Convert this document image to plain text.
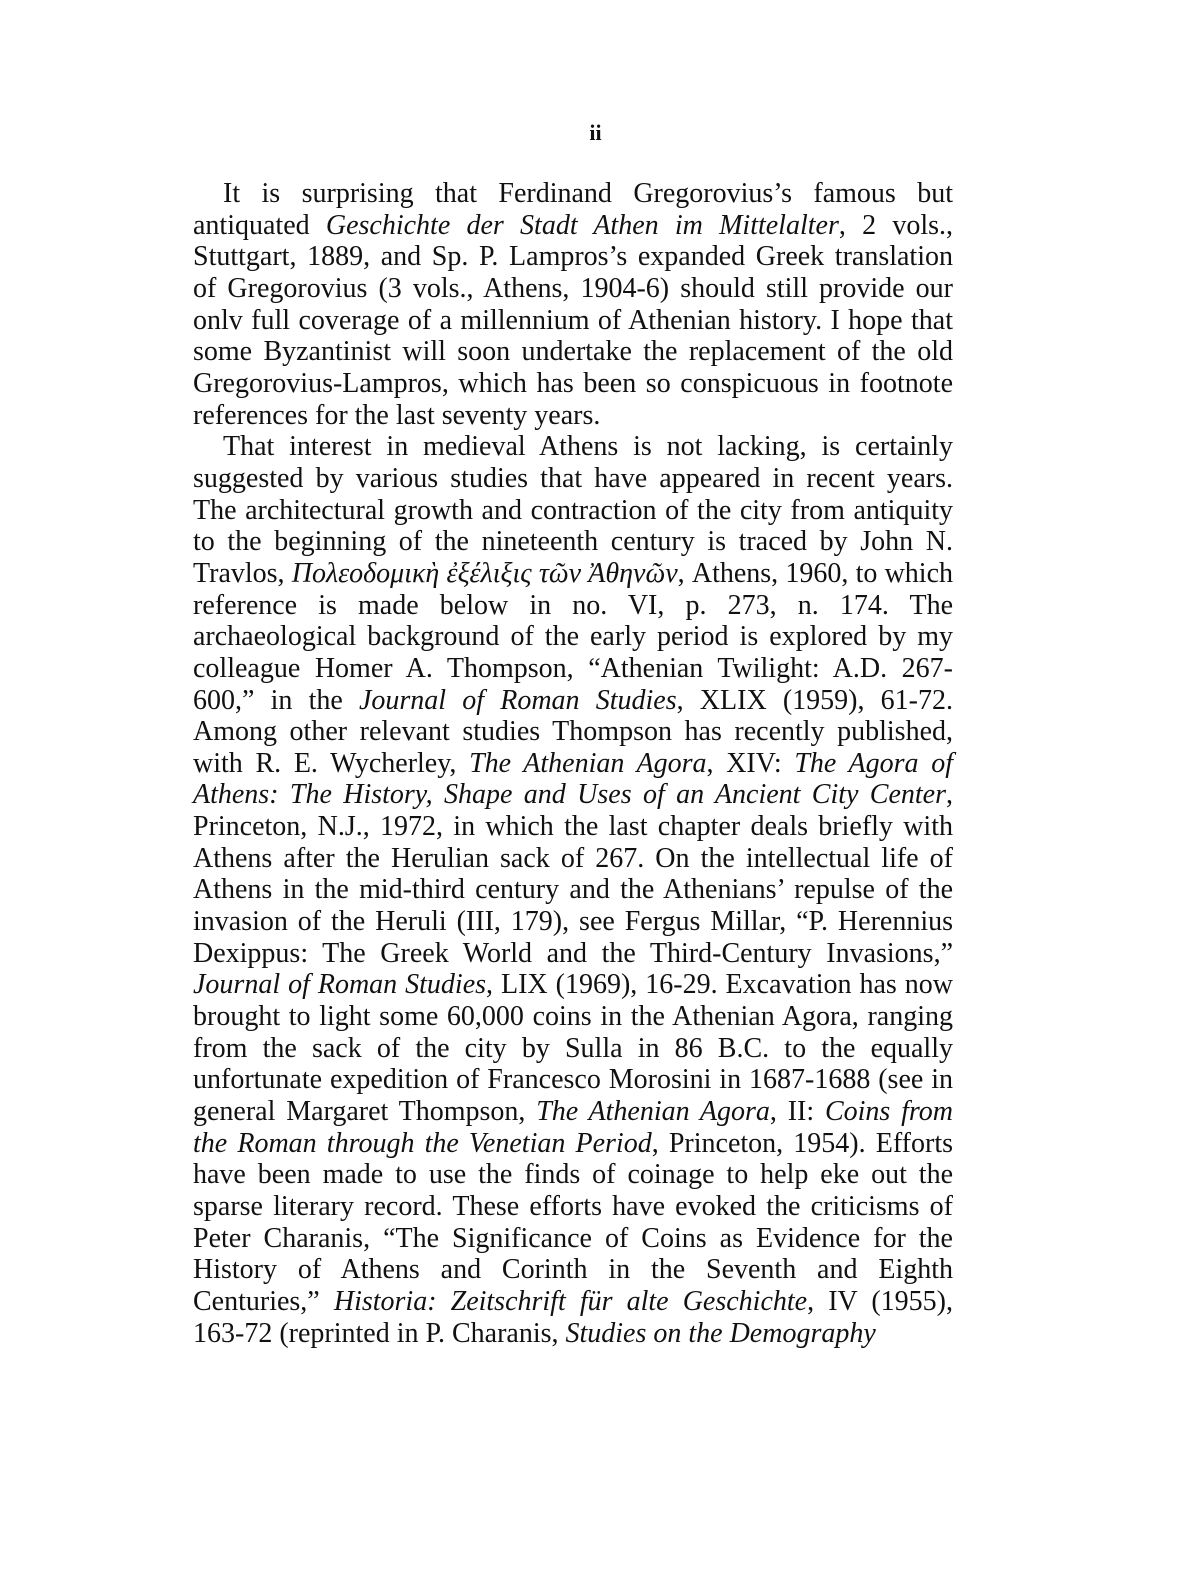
ii

It is surprising that Ferdinand Gregorovius’s famous but antiquated Geschichte der Stadt Athen im Mittelalter, 2 vols., Stuttgart, 1889, and Sp. P. Lampros’s expanded Greek translation of Gregorovius (3 vols., Athens, 1904-6) should still provide our onlv full coverage of a millennium of Athenian history. I hope that some Byzantinist will soon undertake the replacement of the old Gregorovius-Lampros, which has been so conspicuous in footnote references for the last seventy years.

That interest in medieval Athens is not lacking, is certainly suggested by various studies that have appeared in recent years. The architectural growth and contraction of the city from antiquity to the beginning of the nineteenth century is traced by John N. Travlos, Πολεοδομικὴ ἐξέλιξις τῶν Ἀθηνῶν, Athens, 1960, to which reference is made below in no. VI, p. 273, n. 174. The archaeological background of the early period is explored by my colleague Homer A. Thompson, “Athenian Twilight: A.D. 267-600,” in the Journal of Roman Studies, XLIX (1959), 61-72. Among other relevant studies Thompson has recently published, with R. E. Wycherley, The Athenian Agora, XIV: The Agora of Athens: The History, Shape and Uses of an Ancient City Center, Princeton, N.J., 1972, in which the last chapter deals briefly with Athens after the Herulian sack of 267. On the intellectual life of Athens in the mid-third century and the Athenians’ repulse of the invasion of the Heruli (III, 179), see Fergus Millar, “P. Herennius Dexippus: The Greek World and the Third-Century Invasions,” Journal of Roman Studies, LIX (1969), 16-29. Excavation has now brought to light some 60,000 coins in the Athenian Agora, ranging from the sack of the city by Sulla in 86 B.C. to the equally unfortunate expedition of Francesco Morosini in 1687-1688 (see in general Margaret Thompson, The Athenian Agora, II: Coins from the Roman through the Venetian Period, Princeton, 1954). Efforts have been made to use the finds of coinage to help eke out the sparse literary record. These efforts have evoked the criticisms of Peter Charanis, “The Significance of Coins as Evidence for the History of Athens and Corinth in the Seventh and Eighth Centuries,” Historia: Zeitschrift für alte Geschichte, IV (1955), 163-72 (reprinted in P. Charanis, Studies on the Demography
